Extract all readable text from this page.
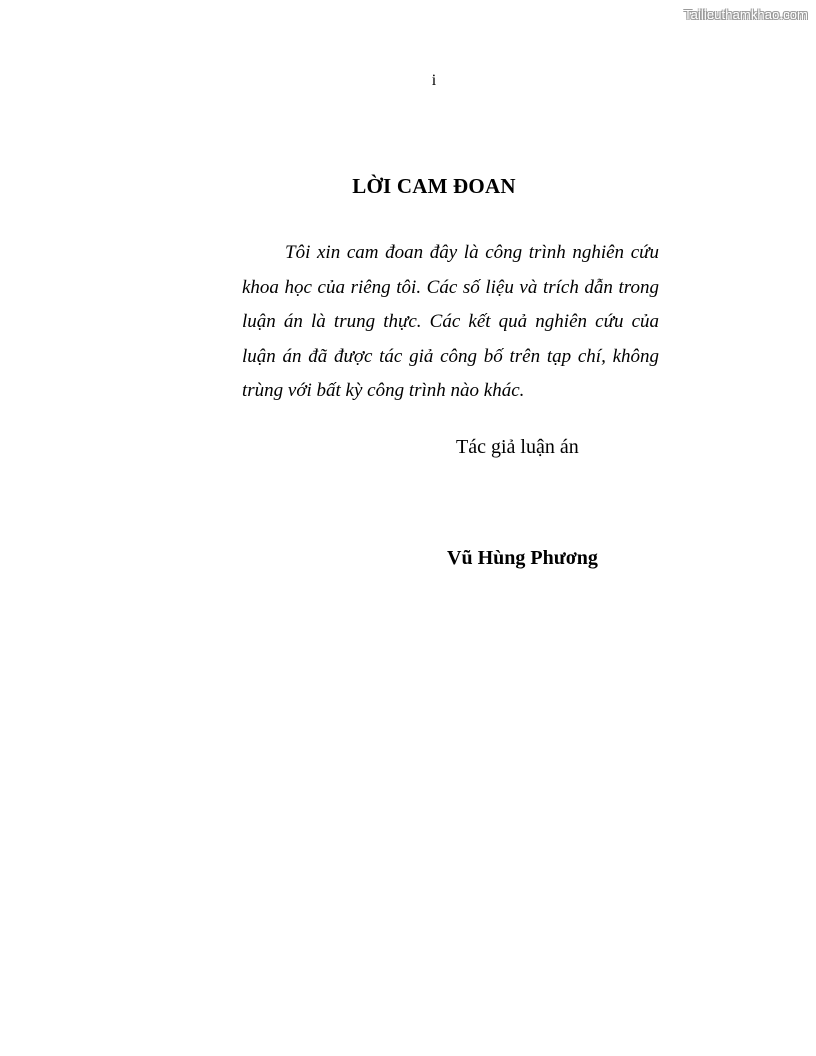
Tailieuthamkhao.com
i
LỜI CAM ĐOAN

Tôi xin cam đoan đây là công trình nghiên cứu khoa học của riêng tôi. Các số liệu và trích dẫn trong luận án là trung thực. Các kết quả nghiên cứu của luận án đã được tác giả công bố trên tạp chí, không trùng với bất kỳ công trình nào khác.

Tác giả luận án
Vũ Hùng Phương
